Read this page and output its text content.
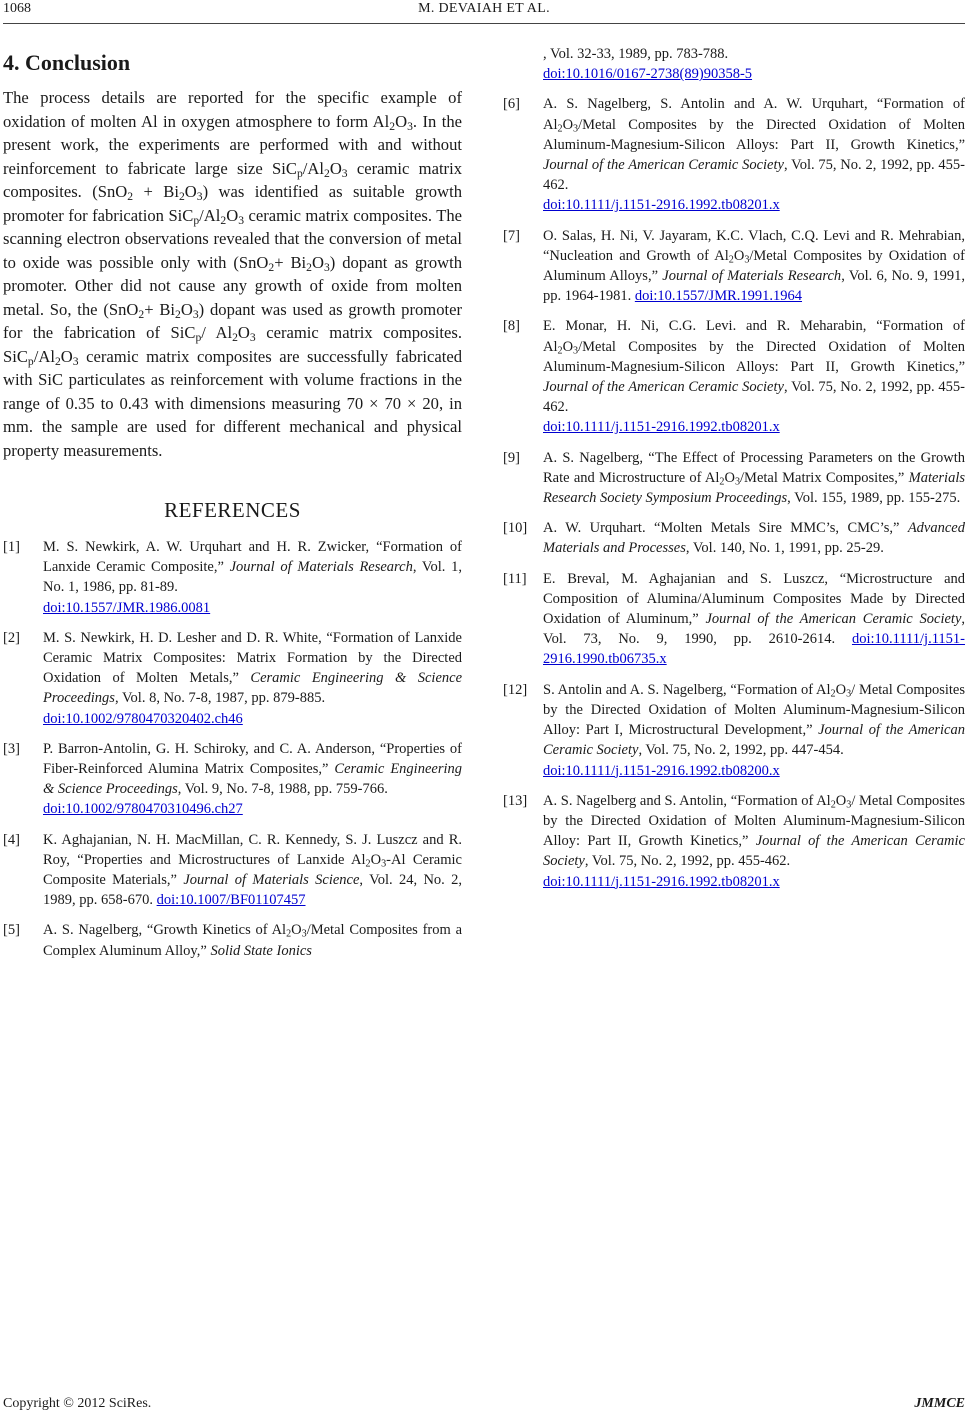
1068	M. DEVAIAH ET AL.
4. Conclusion

The process details are reported for the specific example of oxidation of molten Al in oxygen atmosphere to form $Al_2O_3$. In the present work, the experiments are performed with and without reinforcement to fabricate large size $SiC_p/Al_2O_3$ ceramic matrix composites. $(SnO_2 + Bi_2O_3)$ was identified as suitable growth promoter for fabrication $SiC_p/Al_2O_3$ ceramic matrix composites. The scanning electron observations revealed that the conversion of metal to oxide was possible only with $(SnO_2+ Bi_2O_3)$ dopant as growth promoter. Other did not cause any growth of oxide from molten metal. So, the $(SnO_2+ Bi_2O_3)$ dopant was used as growth promoter for the fabrication of SiC$_p$/ $Al_2O_3$ ceramic matrix composites. $SiC_p/Al_2O_3$ ceramic matrix composites are successfully fabricated with SiC particulates as reinforcement with volume fractions in the range of 0.35 to 0.43 with dimensions measuring 70 × 70 × 20, in mm. the sample are used for different mechanical and physical property measurements.

REFERENCES
[1]	M. S. Newkirk, A. W. Urquhart and H. R. Zwicker, “Formation of Lanxide Ceramic Composite,” Journal of Materials Research, Vol. 1, No. 1, 1986, pp. 81-89.
doi:10.1557/JMR.1986.0081
[2]	M. S. Newkirk, H. D. Lesher and D. R. White, “Formation of Lanxide Ceramic Matrix Composites: Matrix Formation by the Directed Oxidation of Molten Metals,” Ceramic Engineering & Science Proceedings, Vol. 8, No. 7-8, 1987, pp. 879-885.
doi:10.1002/9780470320402.ch46
[3]	P. Barron-Antolin, G. H. Schiroky, and C. A. Anderson, “Properties of Fiber-Reinforced Alumina Matrix Composites,” Ceramic Engineering & Science Proceedings, Vol. 9, No. 7-8, 1988, pp. 759-766.
doi:10.1002/9780470310496.ch27
[4]	K. Aghajanian, N. H. MacMillan, C. R. Kennedy, S. J. Luszcz and R. Roy, “Properties and Microstructures of Lanxide $Al_2O_3-Al$ Ceramic Composite Materials,” Journal of Materials Science, Vol. 24, No. 2, 1989, pp. 658-670. doi:10.1007/BF01107457
[5]	A. S. Nagelberg, “Growth Kinetics of $Al_2O_3$/Metal Composites from a Complex Aluminum Alloy,” Solid State Ionics
, Vol. 32-33, 1989, pp. 783-788.
doi:10.1016/0167-2738(89)90358-5
[6]	A. S. Nagelberg, S. Antolin and A. W. Urquhart, “Formation of $Al_2O_3$/Metal Composites by the Directed Oxidation of Molten Aluminum-Magnesium-Silicon Alloys: Part II, Growth Kinetics,” Journal of the American Ceramic Society, Vol. 75, No. 2, 1992, pp. 455-462.
doi:10.1111/j.1151-2916.1992.tb08201.x
[7]	O. Salas, H. Ni, V. Jayaram, K.C. Vlach, C.Q. Levi and R. Mehrabian, “Nucleation and Growth of $Al_2O_3$/Metal Composites by Oxidation of Aluminum Alloys,” Journal of Materials Research, Vol. 6, No. 9, 1991, pp. 1964-1981. doi:10.1557/JMR.1991.1964
[8]	E. Monar, H. Ni, C.G. Levi. and R. Meharabin, “Formation of $Al_2O_3$/Metal Composites by the Directed Oxidation of Molten Aluminum-Magnesium-Silicon Alloys: Part II, Growth Kinetics,” Journal of the American Ceramic Society, Vol. 75, No. 2, 1992, pp. 455-462.
doi:10.1111/j.1151-2916.1992.tb08201.x
[9]	A. S. Nagelberg, “The Effect of Processing Parameters on the Growth Rate and Microstructure of $Al_2O_3$/Metal Matrix Composites,” Materials Research Society Symposium Proceedings, Vol. 155, 1989, pp. 155-275.
[10]	A. W. Urquhart. “Molten Metals Sire MMC’s, CMC’s,” Advanced Materials and Processes, Vol. 140, No. 1, 1991, pp. 25-29.
[11]	E. Breval, M. Aghajanian and S. Luszcz, “Microstructure and Composition of Alumina/Aluminum Composites Made by Directed Oxidation of Aluminum,” Journal of the American Ceramic Society, Vol. 73, No. 9, 1990, pp. 2610-2614. doi:10.1111/j.1151-2916.1990.tb06735.x
[12]	S. Antolin and A. S. Nagelberg, “Formation of $Al_2O_3/$ Metal Composites by the Directed Oxidation of Molten Aluminum-Magnesium-Silicon Alloy: Part I, Microstructural Development,” Journal of the American Ceramic Society, Vol. 75, No. 2, 1992, pp. 447-454.
doi:10.1111/j.1151-2916.1992.tb08200.x
[13]	A. S. Nagelberg and S. Antolin, “Formation of $Al_2O_3/$ Metal Composites by the Directed Oxidation of Molten Aluminum-Magnesium-Silicon Alloy: Part II, Growth Kinetics,” Journal of the American Ceramic Society, Vol. 75, No. 2, 1992, pp. 455-462.
doi:10.1111/j.1151-2916.1992.tb08201.x
Copyright © 2012 SciRes.	JMMCE
